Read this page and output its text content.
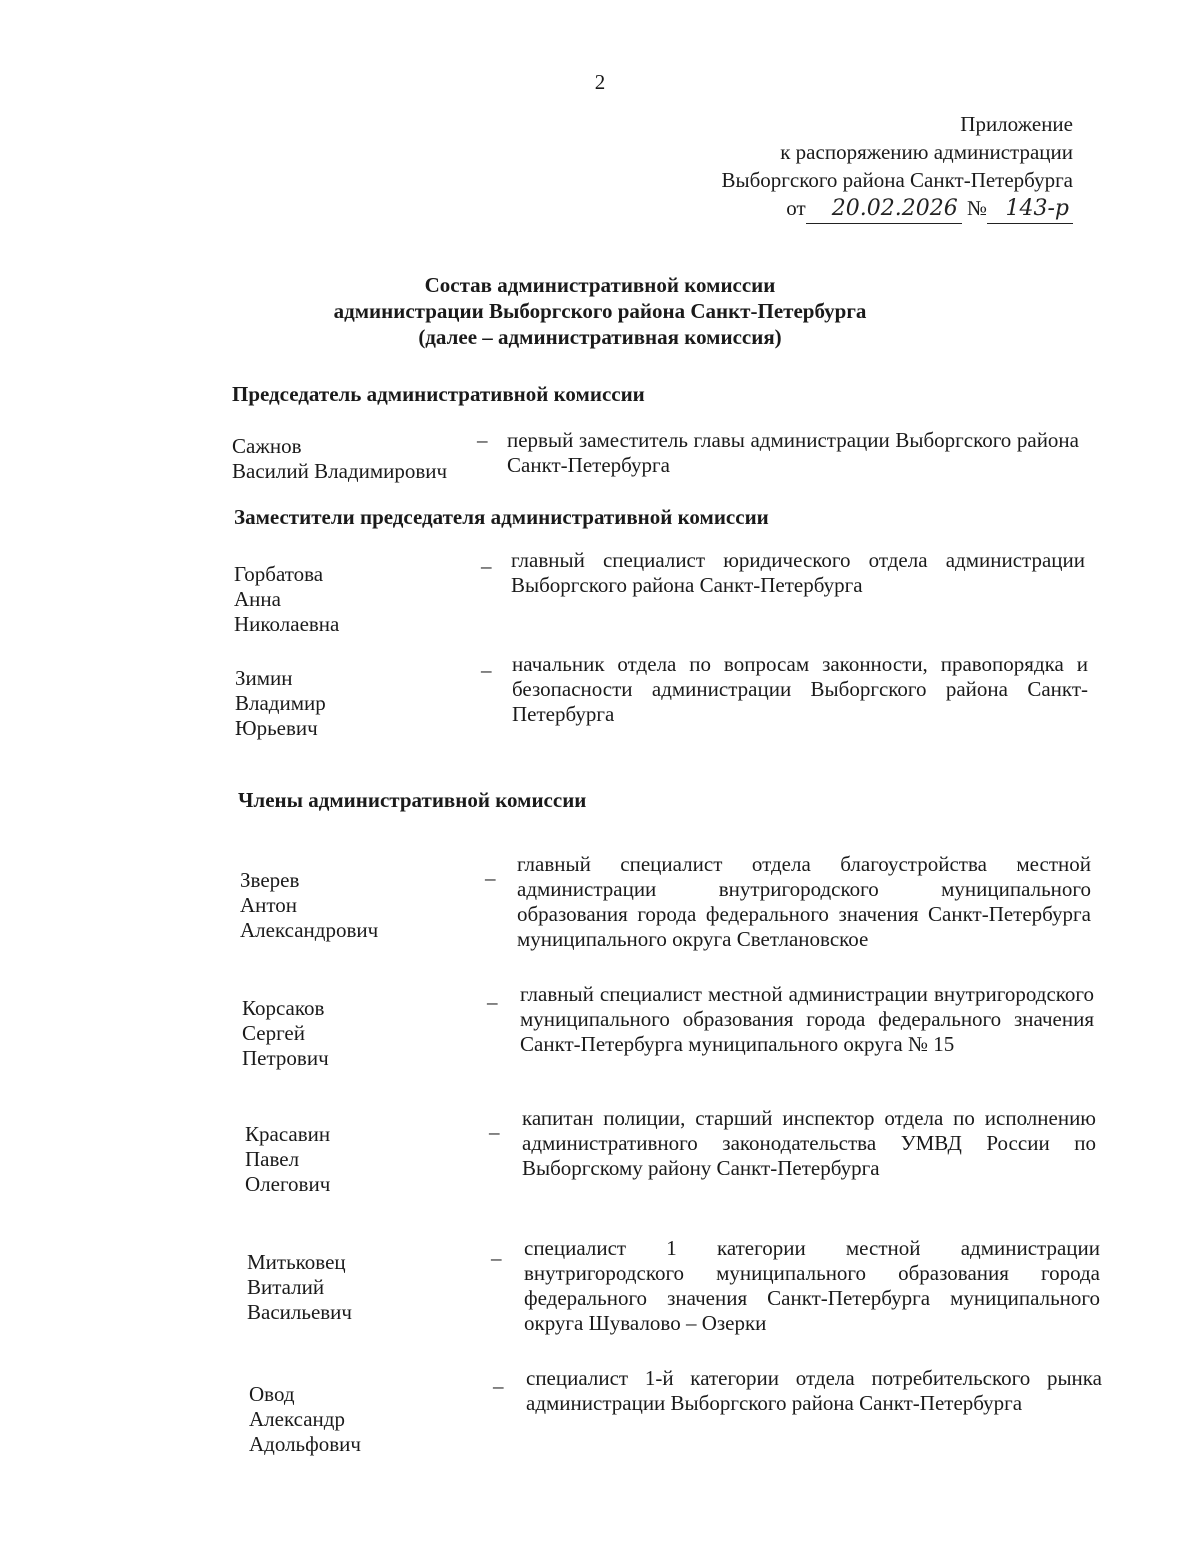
2
Приложение
к распоряжению администрации
Выборгского района Санкт-Петербурга
от 20.02.2026 № 143-р
Состав административной комиссии
администрации Выборгского района Санкт-Петербурга
(далее – административная комиссия)
Председатель административной комиссии
Сажнов
Василий Владимирович
– первый заместитель главы администрации Выборгского района Санкт-Петербурга
Заместители председателя административной комиссии
Горбатова
Анна
Николаевна
– главный специалист юридического отдела администрации Выборгского района Санкт-Петербурга
Зимин
Владимир
Юрьевич
– начальник отдела по вопросам законности, правопорядка и безопасности администрации Выборгского района Санкт-Петербурга
Члены административной комиссии
Зверев
Антон
Александрович
–
главный специалист отдела благоустройства местной администрации внутригородского муниципального образования города федерального значения Санкт-Петербурга муниципального округа Светлановское
Корсаков
Сергей
Петрович
– главный специалист местной администрации внутригородского муниципального образования города федерального значения Санкт-Петербурга муниципального округа № 15
Красавин
Павел
Олегович
–
капитан полиции, старший инспектор отдела по исполнению административного законодательства УМВД России по Выборгскому району Санкт-Петербурга
Митьковец
Виталий
Васильевич
– специалист 1 категории местной администрации внутригородского муниципального образования города федерального значения Санкт-Петербурга муниципального округа Шувалово – Озерки
Овод
Александр
Адольфович
– специалист 1-й категории отдела потребительского рынка администрации Выборгского района Санкт-Петербурга
